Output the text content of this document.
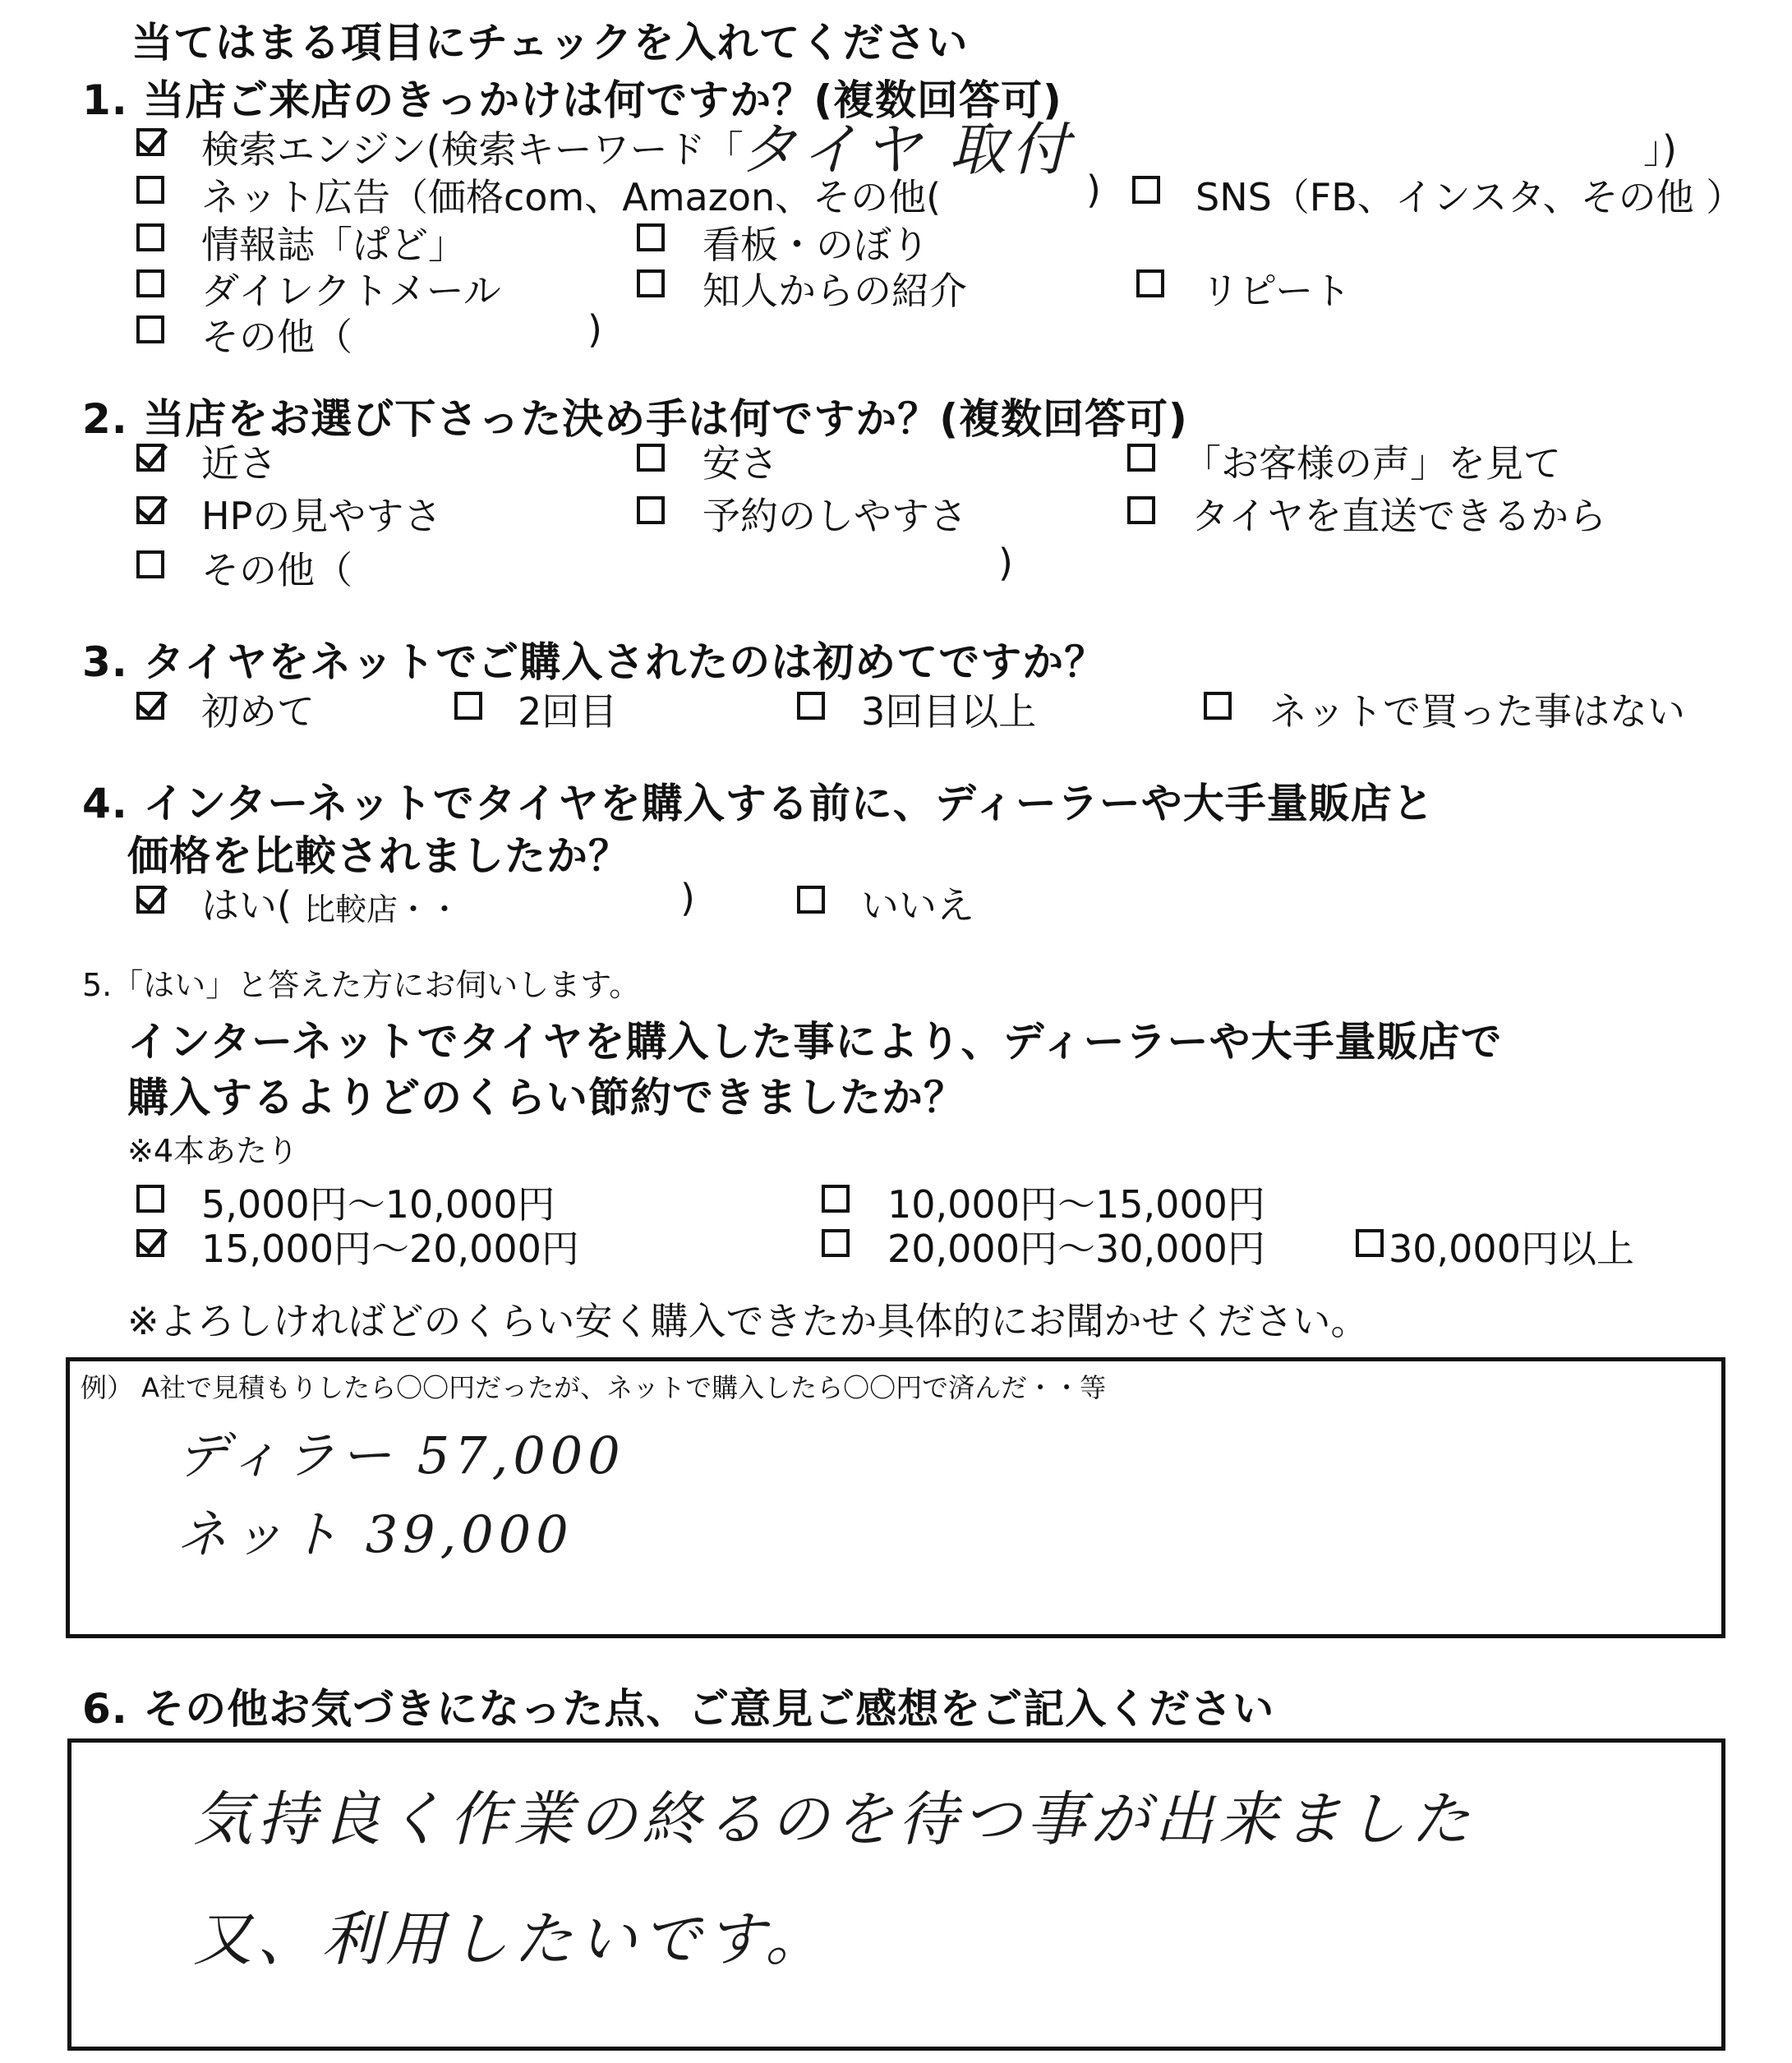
当てはまる項目にチェックを入れてください
1. 当店ご来店のきっかけは何ですか？(複数回答可)
検索エンジン(検索キーワード「
タイヤ 取付	」)
ネット広告（価格com、Amazon、その他(	)	SNS（FB、インスタ、その他 ）
情報誌「ぱど」	看板・のぼり
ダイレクトメール	知人からの紹介	リピート
その他（	)
2. 当店をお選び下さった決め手は何ですか？(複数回答可)
近さ	安さ	「お客様の声」を見て
HPの見やすさ	予約のしやすさ	タイヤを直送できるから
その他（	)
3. タイヤをネットでご購入されたのは初めてですか？
初めて	2回目	3回目以上	ネットで買った事はない
4. インターネットでタイヤを購入する前に、ディーラーや大手量販店と
価格を比較されましたか？
はい( 比較店・・	)	いいえ
5.「はい」と答えた方にお伺いします。
インターネットでタイヤを購入した事により、ディーラーや大手量販店で
購入するよりどのくらい節約できましたか？
※4本あたり
5,000円〜10,000円	10,000円〜15,000円
15,000円〜20,000円	20,000円〜30,000円	30,000円以上
※よろしければどのくらい安く購入できたか具体的にお聞かせください。
例） A社で見積もりしたら〇〇円だったが、ネットで購入したら〇〇円で済んだ・・等
ディラー 57,000
ネット 39,000
6. その他お気づきになった点、ご意見ご感想をご記入ください
気持良く作業の終るのを待つ事が出来ました
又、利用したいです。
